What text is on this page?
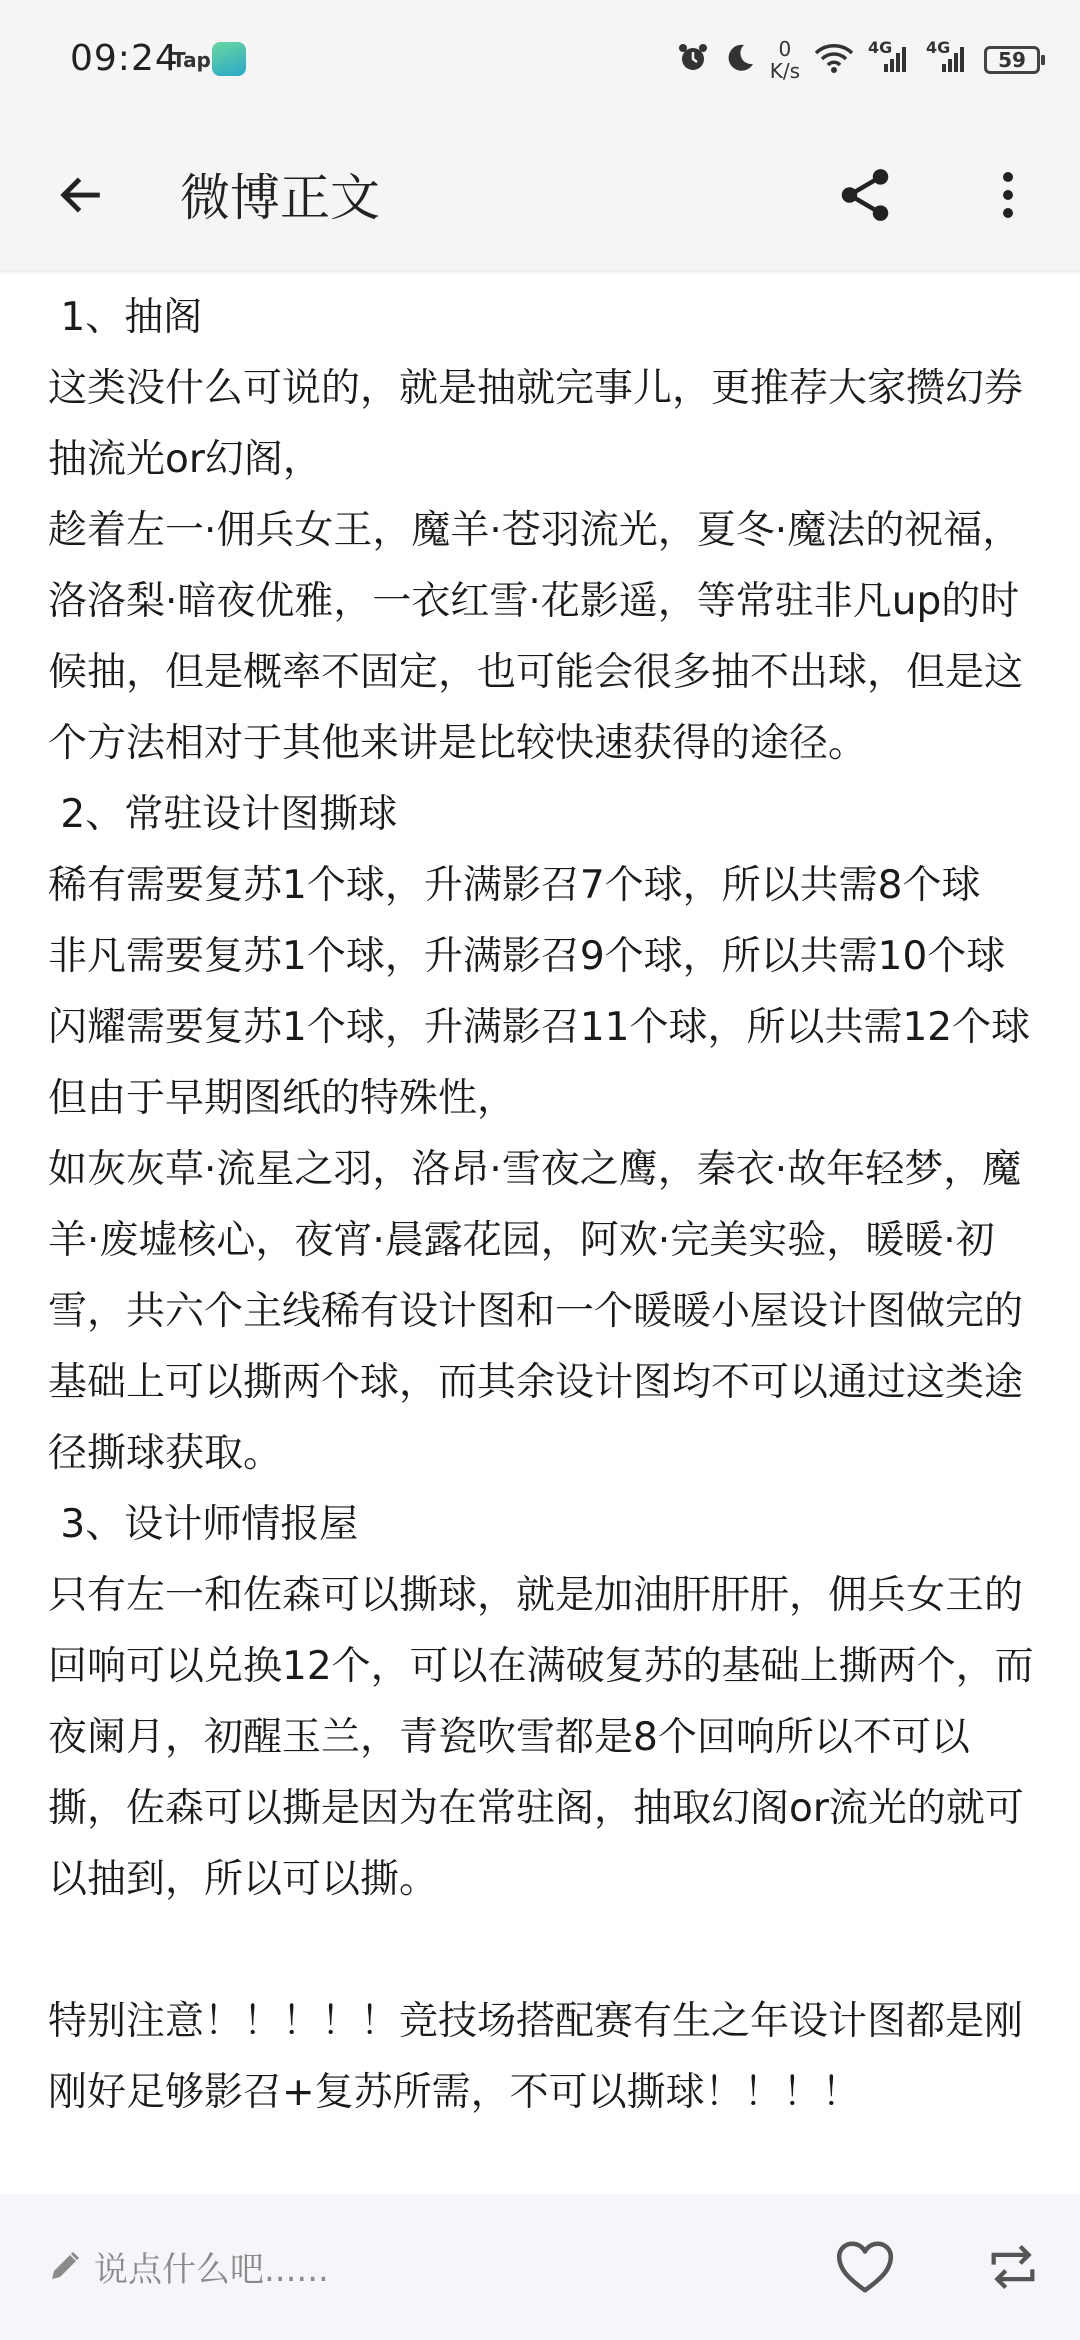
09:24
Tap	0
K/s
4G 4G
59
微博正文

1、抽阁

这类没什么可说的，就是抽就完事儿，更推荐大家攒幻券抽流光or幻阁，

趁着左一·佣兵女王，魔羊·苍羽流光，夏冬·魔法的祝福，洛洛梨·暗夜优雅，一衣红雪·花影遥，等常驻非凡up的时候抽，但是概率不固定，也可能会很多抽不出球，但是这个方法相对于其他来讲是比较快速获得的途径。

2、常驻设计图撕球

稀有需要复苏1个球，升满影召7个球，所以共需8个球

非凡需要复苏1个球，升满影召9个球，所以共需10个球

闪耀需要复苏1个球，升满影召11个球，所以共需12个球

但由于早期图纸的特殊性，

如灰灰草·流星之羽，洛昂·雪夜之鹰，秦衣·故年轻梦，魔羊·废墟核心，夜宵·晨露花园，阿欢·完美实验，暖暖·初雪，共六个主线稀有设计图和一个暖暖小屋设计图做完的基础上可以撕两个球，而其余设计图均不可以通过这类途径撕球获取。

3、设计师情报屋

只有左一和佐森可以撕球，就是加油肝肝肝，佣兵女王的回响可以兑换12个，可以在满破复苏的基础上撕两个，而夜阑月，初醒玉兰，青瓷吹雪都是8个回响所以不可以撕，佐森可以撕是因为在常驻阁，抽取幻阁or流光的就可以抽到，所以可以撕。

特别注意！！！！！竞技场搭配赛有生之年设计图都是刚刚好足够影召+复苏所需，不可以撕球！！！！

说点什么吧......
